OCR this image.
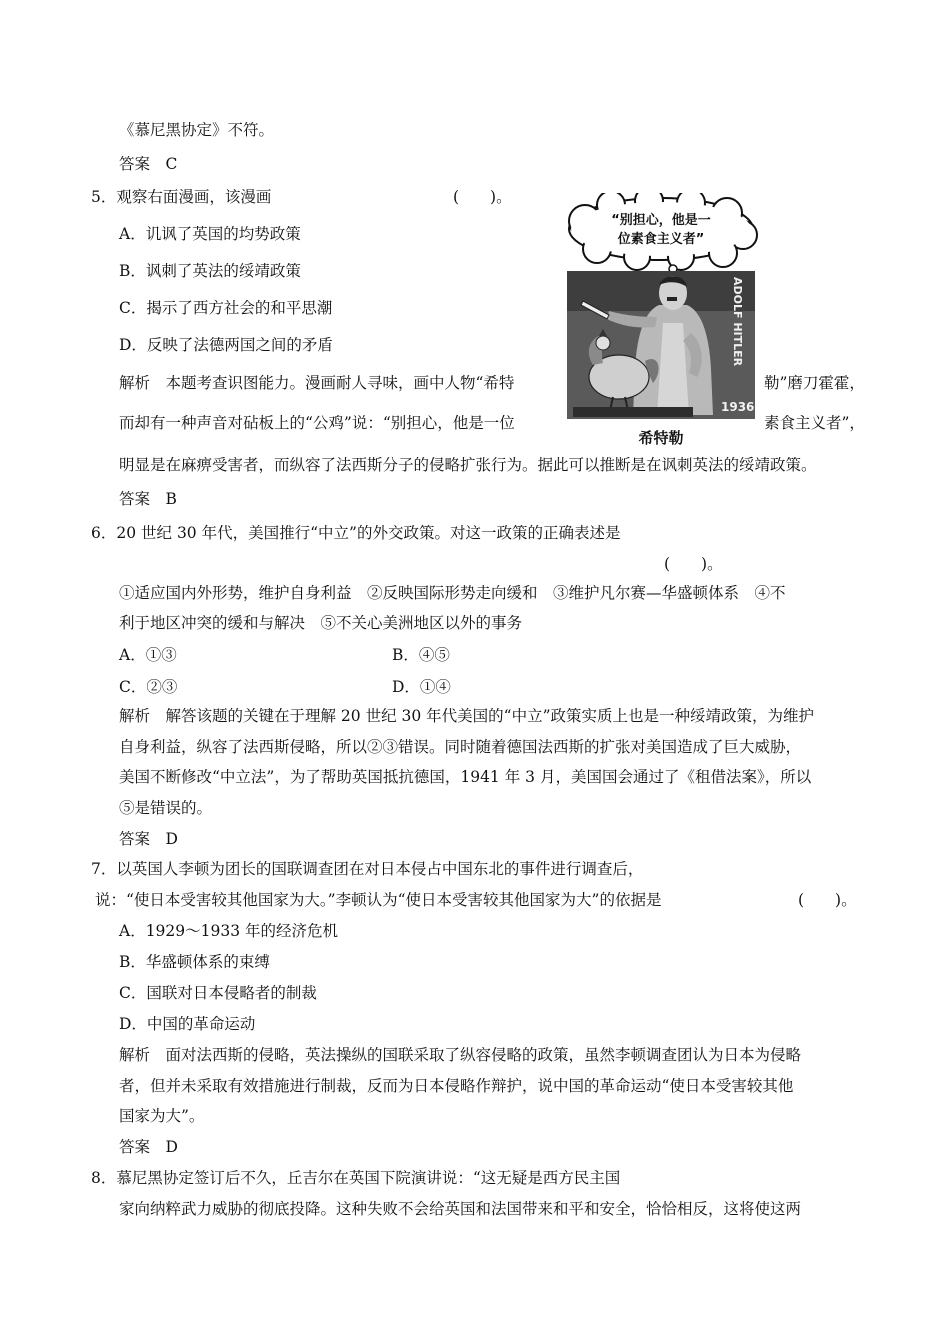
《慕尼黑协定》不符。
答案　C
5．观察右面漫画，该漫画	(　　)。
A．讥讽了英国的均势政策
B．讽刺了英法的绥靖政策
C．揭示了西方社会的和平思潮
D．反映了法德两国之间的矛盾
解析　本题考查识图能力。漫画耐人寻味，画中人物“希特	勒”磨刀霍霍，
而却有一种声音对砧板上的“公鸡”说：“别担心，他是一位	素食主义者”，
明显是在麻痹受害者，而纵容了法西斯分子的侵略扩张行为。据此可以推断是在讽刺英法的绥靖政策。
答案　B
“别担心，他是一
位素食主义者”
ADOLF HITLER
1936
希特勒
6．20 世纪 30 年代，美国推行“中立”的外交政策。对这一政策的正确表述是
(　　)。
①适应国内外形势，维护自身利益　②反映国际形势走向缓和　③维护凡尔赛—华盛顿体系　④不
利于地区冲突的缓和与解决　⑤不关心美洲地区以外的事务
A．①③	B．④⑤
C．②③	D．①④
解析　解答该题的关键在于理解 20 世纪 30 年代美国的“中立”政策实质上也是一种绥靖政策，为维护
自身利益，纵容了法西斯侵略，所以②③错误。同时随着德国法西斯的扩张对美国造成了巨大威胁，
美国不断修改“中立法”，为了帮助英国抵抗德国，1941 年 3 月，美国国会通过了《租借法案》，所以
⑤是错误的。
答案　D
7．以英国人李顿为团长的国联调查团在对日本侵占中国东北的事件进行调查后，
说：“使日本受害较其他国家为大。”李顿认为“使日本受害较其他国家为大”的依据是	(　　)。
A．1929～1933 年的经济危机
B．华盛顿体系的束缚
C．国联对日本侵略者的制裁
D．中国的革命运动
解析　面对法西斯的侵略，英法操纵的国联采取了纵容侵略的政策，虽然李顿调查团认为日本为侵略
者，但并未采取有效措施进行制裁，反而为日本侵略作辩护，说中国的革命运动“使日本受害较其他
国家为大”。
答案　D
8．慕尼黑协定签订后不久，丘吉尔在英国下院演讲说：“这无疑是西方民主国
家向纳粹武力威胁的彻底投降。这种失败不会给英国和法国带来和平和安全，恰恰相反，这将使这两
